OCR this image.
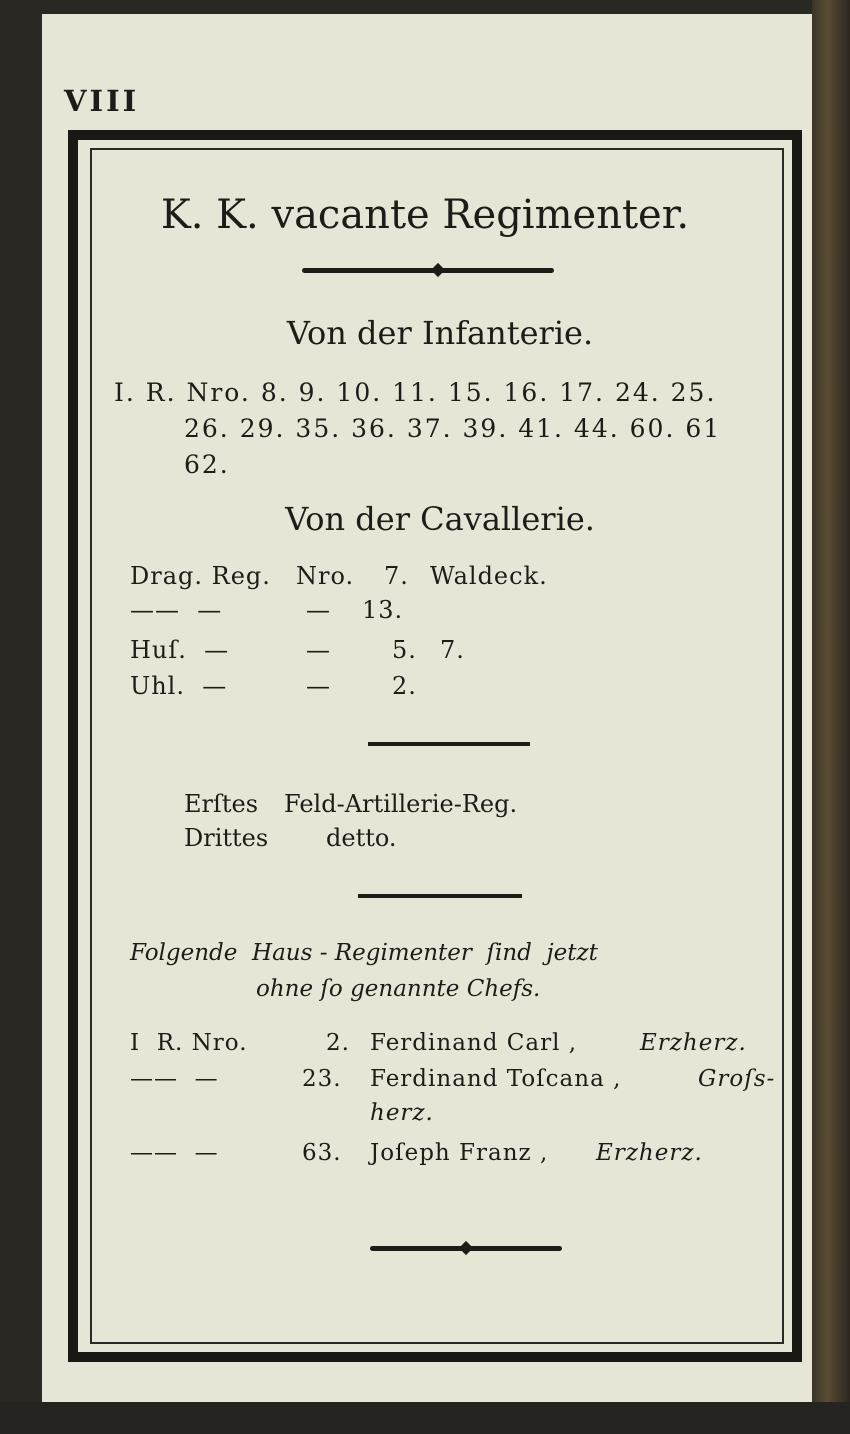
VIII
K. K. vacante Regimenter.
Von der Infanterie.
I. R. Nro. 8. 9. 10. 11. 15. 16. 17. 24. 25.
26. 29. 35. 36. 37. 39. 41. 44. 60. 61
62.
Von der Cavallerie.
Drag. Reg. Nro. 7. Waldeck.
——  —	— 13.
Huſ.  —	—	5. 7.
Uhl.  —	—	2.
Erſtes Feld-Artillerie-Reg.
Drittes detto.
Folgende  Haus - Regimenter  ſind  jetzt
ohne ſo genannte Chefs.
I  R. Nro.	2. Ferdinand Carl ,	Erzherz.
——  —	23. Ferdinand Toſcana ,	Groſs-
herz.
——  —	63. Joſeph Franz , Erzherz.
